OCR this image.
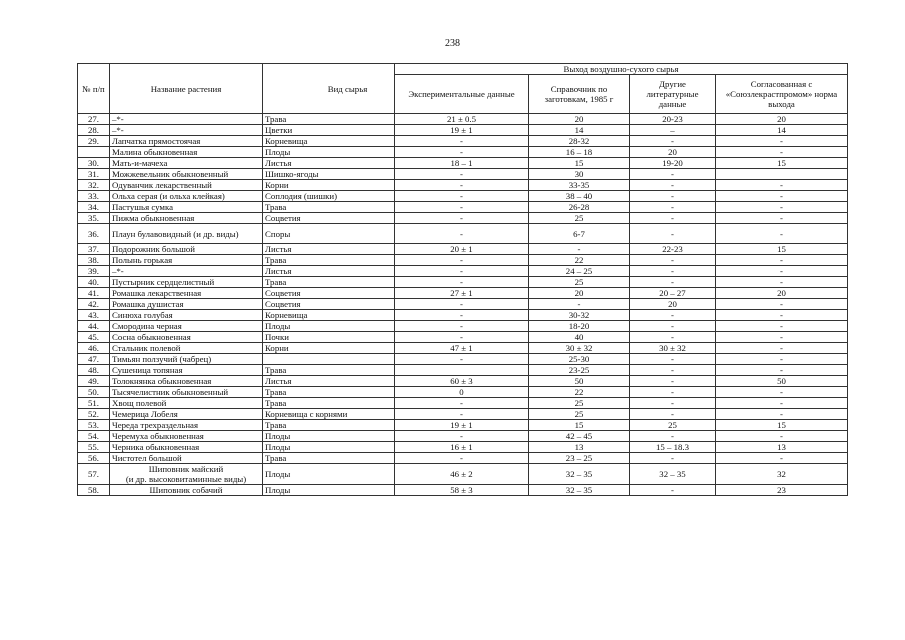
238
№ п/п	Название растения	Вид сырья	Выход воздушно-сухого сырья			
			Экспериментальные данные	Справочник по заготовкам, 1985 г	Другие литературные данные	Согласованная с «Союзлекрастпромом» норма выхода
27.	–*-	Трава	21 ± 0.5	20	20-23	20
28.	–*-	Цветки	19 ± 1	14	–	14
29.	Лапчатка прямостоячая	Корневища	-	28-32	-	-
	Малина обыкновенная	Плоды	-	16 – 18	20	-
30.	Мать-и-мачеха	Листья	18 – 1	15	19-20	15
31.	Можжевельник обыкновенный	Шишко-ягоды	-	30	-	
32.	Одуванчик лекарственный	Корни	-	33-35	-	-
33.	Ольха серая (и ольха клейкая)	Соплодия (шишки)	-	38 – 40	-	-
34.	Пастушья сумка	Трава	-	26-28	-	-
35.	Пижма обыкновенная	Соцветия	-	25	-	-
36.	Плаун булавовидный (и др. виды)	Споры	-	6-7	-	-
37.	Подорожник большой	Листья	20 ± 1	-	22-23	15
38.	Полынь горькая	Трава	-	22	-	-
39.	–*-	Листья	-	24 – 25	-	-
40.	Пустырник сердцелистный	Трава	-	25	-	-
41.	Ромашка лекарственная	Соцветия	27 ± 1	20	20 – 27	20
42.	Ромашка душистая	Соцветия	-	-	20	-
43.	Синюха голубая	Корневища	-	30-32	-	-
44.	Смородина черная	Плоды	-	18-20	-	-
45.	Сосна обыкновенная	Почки	-	40	-	-
46.	Стальник полевой	Корни	47 ± 1	30 ± 32	30 ± 32	-
47.	Тимьян ползучий (чабрец)		-	25-30	-	-
48.	Сушеница топяная	Трава		23-25	-	-
49.	Толокнянка обыкновенная	Листья	60 ± 3	50	-	50
50.	Тысячелистник обыкновенный	Трава	0	22	-	-
51.	Хвощ полевой	Трава	-	25	-	-
52.	Чемерица Лобеля	Корневища с корнями	-	25	-	-
53.	Череда трехраздельная	Трава	19 ± 1	15	25	15
54.	Черемуха обыкновенная	Плоды	-	42 – 45	-	-
55.	Черника обыкновенная	Плоды	16 ± 1	13	15 – 18.3	13
56.	Чистотел большой	Трава	-	23 – 25	-	-
57.	Шиповник майский
(и др. высоковитаминные виды)	Плоды	46 ± 2	32 – 35	32 – 35	32
58.	Шиповник собачий	Плоды	58 ± 3	32 – 35	-	23
